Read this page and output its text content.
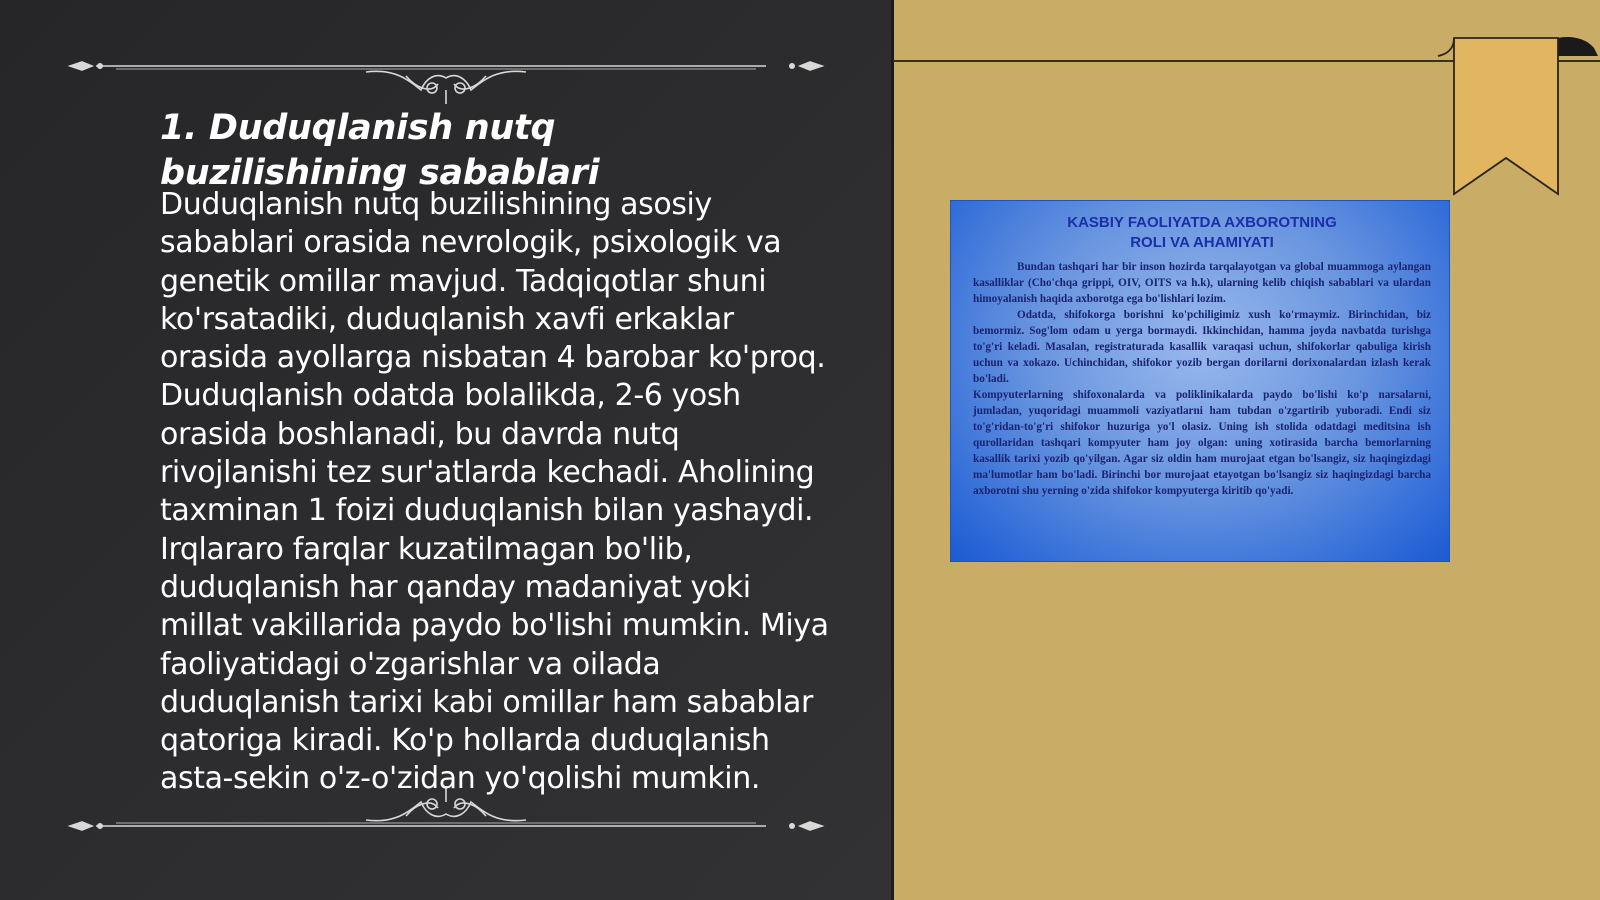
1. Duduqlanish nutq buzilishining sabablari

Duduqlanish nutq buzilishining asosiy sabablari orasida nevrologik, psixologik va genetik omillar mavjud. Tadqiqotlar shuni ko'rsatadiki, duduqlanish xavfi erkaklar orasida ayollarga nisbatan 4 barobar ko'proq. Duduqlanish odatda bolalikda, 2-6 yosh orasida boshlanadi, bu davrda nutq rivojlanishi tez sur'atlarda kechadi. Aholining taxminan 1 foizi duduqlanish bilan yashaydi. Irqlararo farqlar kuzatilmagan bo'lib, duduqlanish har qanday madaniyat yoki millat vakillarida paydo bo'lishi mumkin. Miya faoliyatidagi o'zgarishlar va oilada duduqlanish tarixi kabi omillar ham sabablar qatoriga kiradi. Ko'p hollarda duduqlanish asta-sekin o'z-o'zidan yo'qolishi mumkin.

KASBIY FAOLIYATDA AXBOROTNING
ROLI VA AHAMIYATI

Bundan tashqari har bir inson hozirda tarqalayotgan va global muammoga aylangan kasalliklar (Cho'chqa grippi, OIV, OITS va h.k), ularning kelib chiqish sabablari va ulardan himoyalanish haqida axborotga ega bo'lishlari lozim.

Odatda, shifokorga borishni ko'pchiligimiz xush ko'rmaymiz. Birinchidan, biz bemormiz. Sog'lom odam u yerga bormaydi. Ikkinchidan, hamma joyda navbatda turishga to'g'ri keladi. Masalan, registraturada kasallik varaqasi uchun, shifokorlar qabuliga kirish uchun va xokazo. Uchinchidan, shifokor yozib bergan dorilarni dorixonalardan izlash kerak bo'ladi.

Kompyuterlarning shifoxonalarda va poliklinikalarda paydo bo'lishi ko'p narsalarni, jumladan, yuqoridagi muammoli vaziyatlarni ham tubdan o'zgartirib yuboradi. Endi siz to'g'ridan-to'g'ri shifokor huzuriga yo'l olasiz. Uning ish stolida odatdagi meditsina ish qurollaridan tashqari kompyuter ham joy olgan: uning xotirasida barcha bemorlarning kasallik tarixi yozib qo'yilgan. Agar siz oldin ham murojaat etgan bo'lsangiz, siz haqingizdagi ma'lumotlar ham bo'ladi. Birinchi bor murojaat etayotgan bo'lsangiz siz haqingizdagi barcha axborotni shu yerning o'zida shifokor kompyuterga kiritib qo'yadi.
